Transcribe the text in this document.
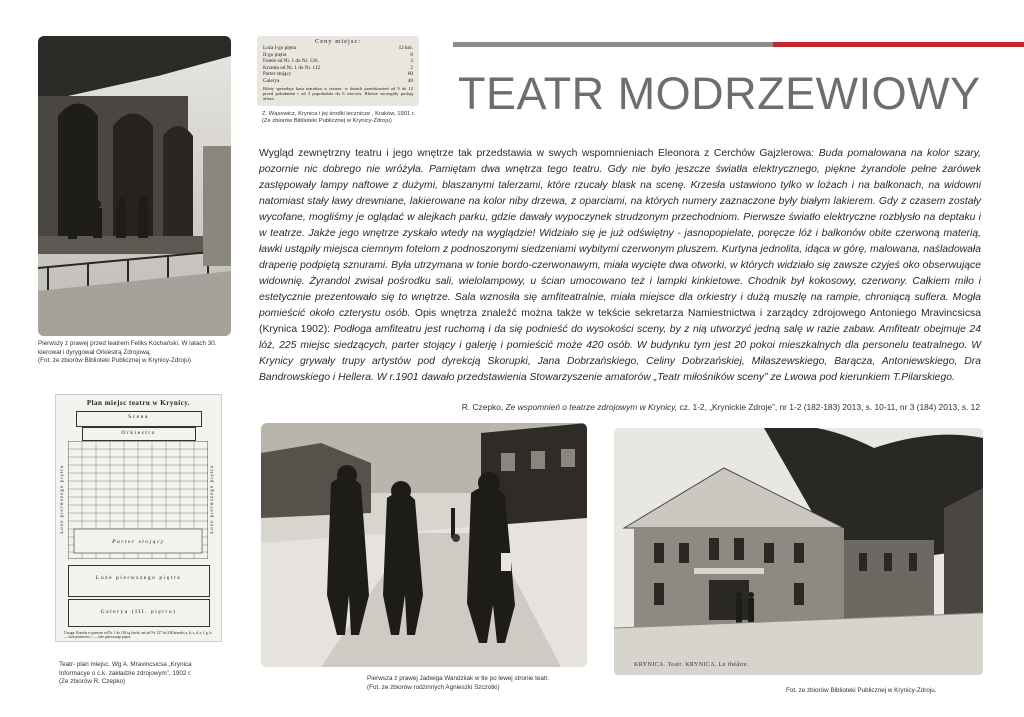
TEATR MODRZEWIOWY
Pierwszy z prawej przed teatrem Feliks Kochański. W latach 30.
kierował i dyrygował Orkiestrą Zdrojową.
(Fot. ze zbiorów Biblioteki Publicznej w Krynicy-Zdroju)
Ceny miejsc:
Loża I-go piętra	12 kor.
II-go piętra	6
Fotele od Nr. 1 do Nr. 126.	3
Krzesła od Nr. 1 do Nr. 112	2
Parter stojący	60
Galerya	40
Bilety sprzedaje kasa teatralna w teatrze, w dniach przedstawień od 9 do 12 przed południem i od 3 popołudnia do 6 wieczór. Bliższe szczegóły podają afisze.
Z. Wąsowicz, Krynica i jej środki lecznicze , Kraków, 1901 r.
(Ze zbiorów Biblioteki Publicznej w Krynicy-Zdroju)
Wygląd zewnętrzny teatru i jego wnętrze tak przedstawia w swych wspomnieniach Eleonora z Cerchów Gajzlerowa: Buda pomalowana na kolor szary, pozornie nic dobrego nie wróżyła. Pamiętam dwa wnętrza tego teatru. Gdy nie było jeszcze światła elektrycznego, piękne żyrandole pełne żarówek zastępowały lampy naftowe z dużymi, blaszanymi talerzami, które rzucały blask na scenę. Krzesła ustawiono tylko w lożach i na balkonach, na widowni natomiast stały ławy drewniane, lakierowane na kolor niby drzewa, z oparciami, na których numery zaznaczone były białym lakierem. Gdy z czasem zostały wycofane, mogliśmy je oglądać w alejkach parku, gdzie dawały wypoczynek strudzonym przechodniom. Pierwsze światło elektryczne rozbłysło na deptaku i w teatrze. Jakże jego wnętrze zyskało wtedy na wyglądzie! Widziało się je już odświętny - jasnopopielate, poręcze lóż i balkonów obite czerwoną materią, ławki ustąpiły miejsca ciemnym fotelom z podnoszonymi siedzeniami wybitymi czerwonym pluszem. Kurtyna jednolita, idąca w górę, malowana, naśladowała draperię podpiętą sznurami. Była utrzymana w tonie bordo-czerwonawym, miała wycięte dwa otworki, w których widziało się zawsze czyjeś oko obserwujące widownię. Żyrandol zwisał pośrodku sali, wielolampowy, u ścian umocowano też i lampki kinkietowe. Chodnik był kokosowy, czerwony. Całkiem miło i estetycznie prezentowało się to wnętrze. Sala wznosiła się amfiteatralnie, miała miejsce dla orkiestry i dużą muszlę na rampie, chroniącą suflera. Mogła pomieścić około czterystu osób. Opis wnętrza znaleźć można także w tekście sekretarza Namiestnictwa i zarządcy zdrojowego Antoniego Mravincsicsa (Krynica 1902): Podłoga amfiteatru jest ruchomą i da się podnieść do wysokości sceny, by z nią utworzyć jedną salę w razie zabaw. Amfiteatr obejmuje 24 lóż, 225 miejsc siedzących, parter stojący i galerję i pomieścić może 420 osób. W budynku tym jest 20 pokoi mieszkalnych dla personelu teatralnego. W Krynicy grywały trupy artystów pod dyrekcją Skorupki, Jana Dobrzańskiego, Celiny Dobrzańskiej, Miłaszewskiego, Barącza, Antoniewskiego, Dra Bandrowskiego i Hellera. W r.1901 dawało przedstawienia Stowarzyszenie amatorów „Teatr miłośników sceny” ze Lwowa pod kierunkiem T.Pilarskiego.
R. Czepko, Ze wspomnień o teatrze zdrojowym w Krynicy, cz. 1-2, „Krynickie Zdroje”, nr 1-2 (182-183) 2013, s. 10-11, nr 3 (184) 2013, s. 12
Plan miejsc teatru w Krynicy.
Scena
Orkiestra
Parter stojący
Loże pierwszego piętra
Galerya (III. piętro)
Loże pierwszego piętra	Loże pierwszego piętra
Uwaga: Krzesła w parterze od Nr. 1 do 126 są fotele, zaś od Nr. 127 do 238 krzesła; a, b, c, d, e, f, g, h — loże parterowe, i — loże pierwszego piętra.
Teatr- plan miejsc. Wg A. Mravincsicsa „Krynica
Informacye o c.k. zakładzie zdrojowym”, 1902 r.
(Ze zbiorów R. Czepko)	Pierwsza z prawej Jadwiga Wandzilak w tle po lewej stronie teatr.
(Fot. ze zbiorów rodzinnych Agnieszki Szczotki)
KRYNICA. Teatr. KRYNICA. Le théâtre.
Fot. ze zbiorów Biblioteki Publicznej w Krynicy-Zdroju.
